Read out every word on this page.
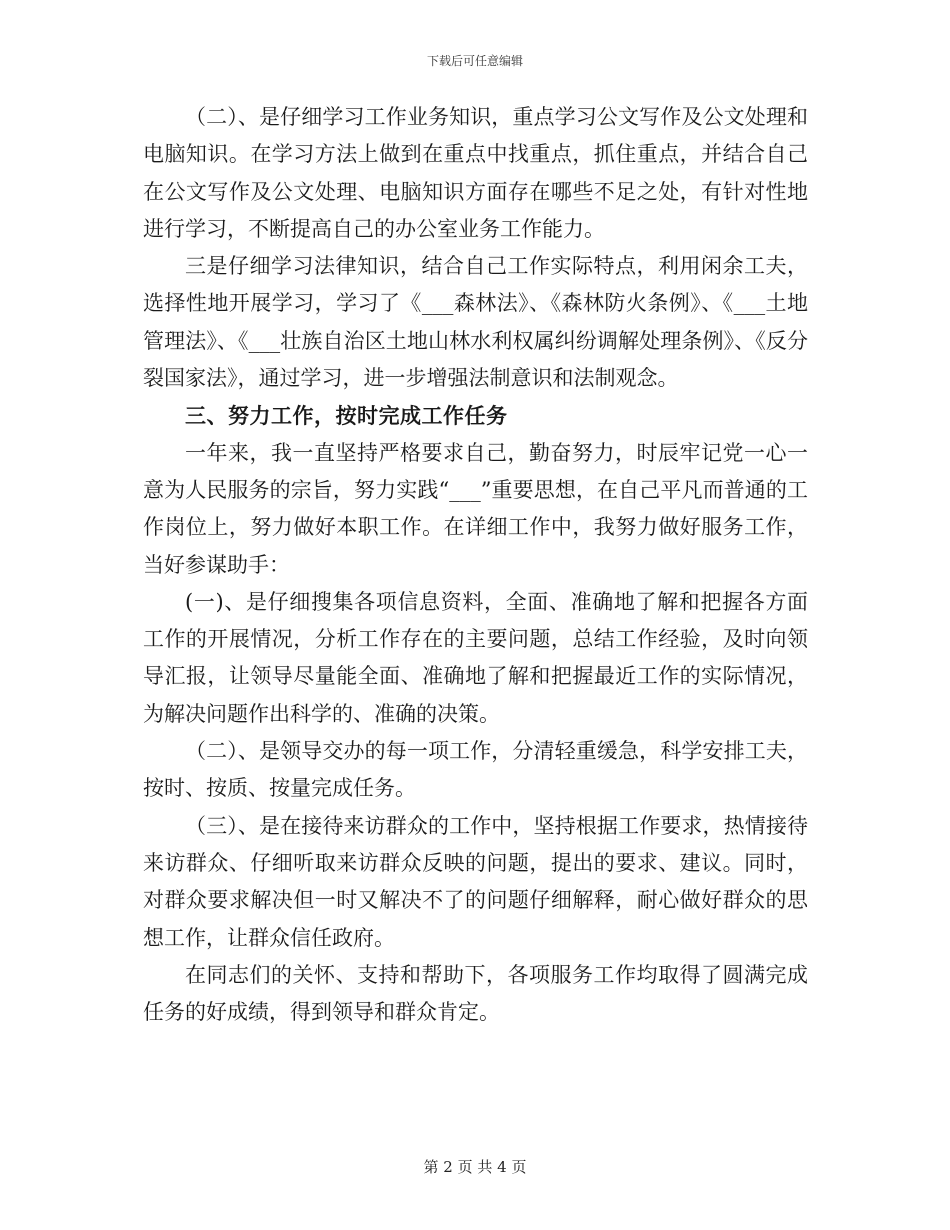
下载后可任意编辑

（二）、是仔细学习工作业务知识，重点学习公文写作及公文处理和电脑知识。在学习方法上做到在重点中找重点，抓住重点，并结合自己在公文写作及公文处理、电脑知识方面存在哪些不足之处，有针对性地进行学习，不断提高自己的办公室业务工作能力。

三是仔细学习法律知识，结合自己工作实际特点，利用闲余工夫，选择性地开展学习，学习了《___森林法》、《森林防火条例》、《___土地管理法》、《___壮族自治区土地山林水利权属纠纷调解处理条例》、《反分裂国家法》，通过学习，进一步增强法制意识和法制观念。

三、努力工作，按时完成工作任务

一年来，我一直坚持严格要求自己，勤奋努力，时辰牢记党一心一意为人民服务的宗旨，努力实践“___”重要思想，在自己平凡而普通的工作岗位上，努力做好本职工作。在详细工作中，我努力做好服务工作，当好参谋助手：

(一)、是仔细搜集各项信息资料，全面、准确地了解和把握各方面工作的开展情况，分析工作存在的主要问题，总结工作经验，及时向领导汇报，让领导尽量能全面、准确地了解和把握最近工作的实际情况，为解决问题作出科学的、准确的决策。

（二）、是领导交办的每一项工作，分清轻重缓急，科学安排工夫，按时、按质、按量完成任务。

（三）、是在接待来访群众的工作中，坚持根据工作要求，热情接待来访群众、仔细听取来访群众反映的问题，提出的要求、建议。同时，对群众要求解决但一时又解决不了的问题仔细解释，耐心做好群众的思想工作，让群众信任政府。

在同志们的关怀、支持和帮助下，各项服务工作均取得了圆满完成任务的好成绩，得到领导和群众肯定。

第 2 页 共 4 页
